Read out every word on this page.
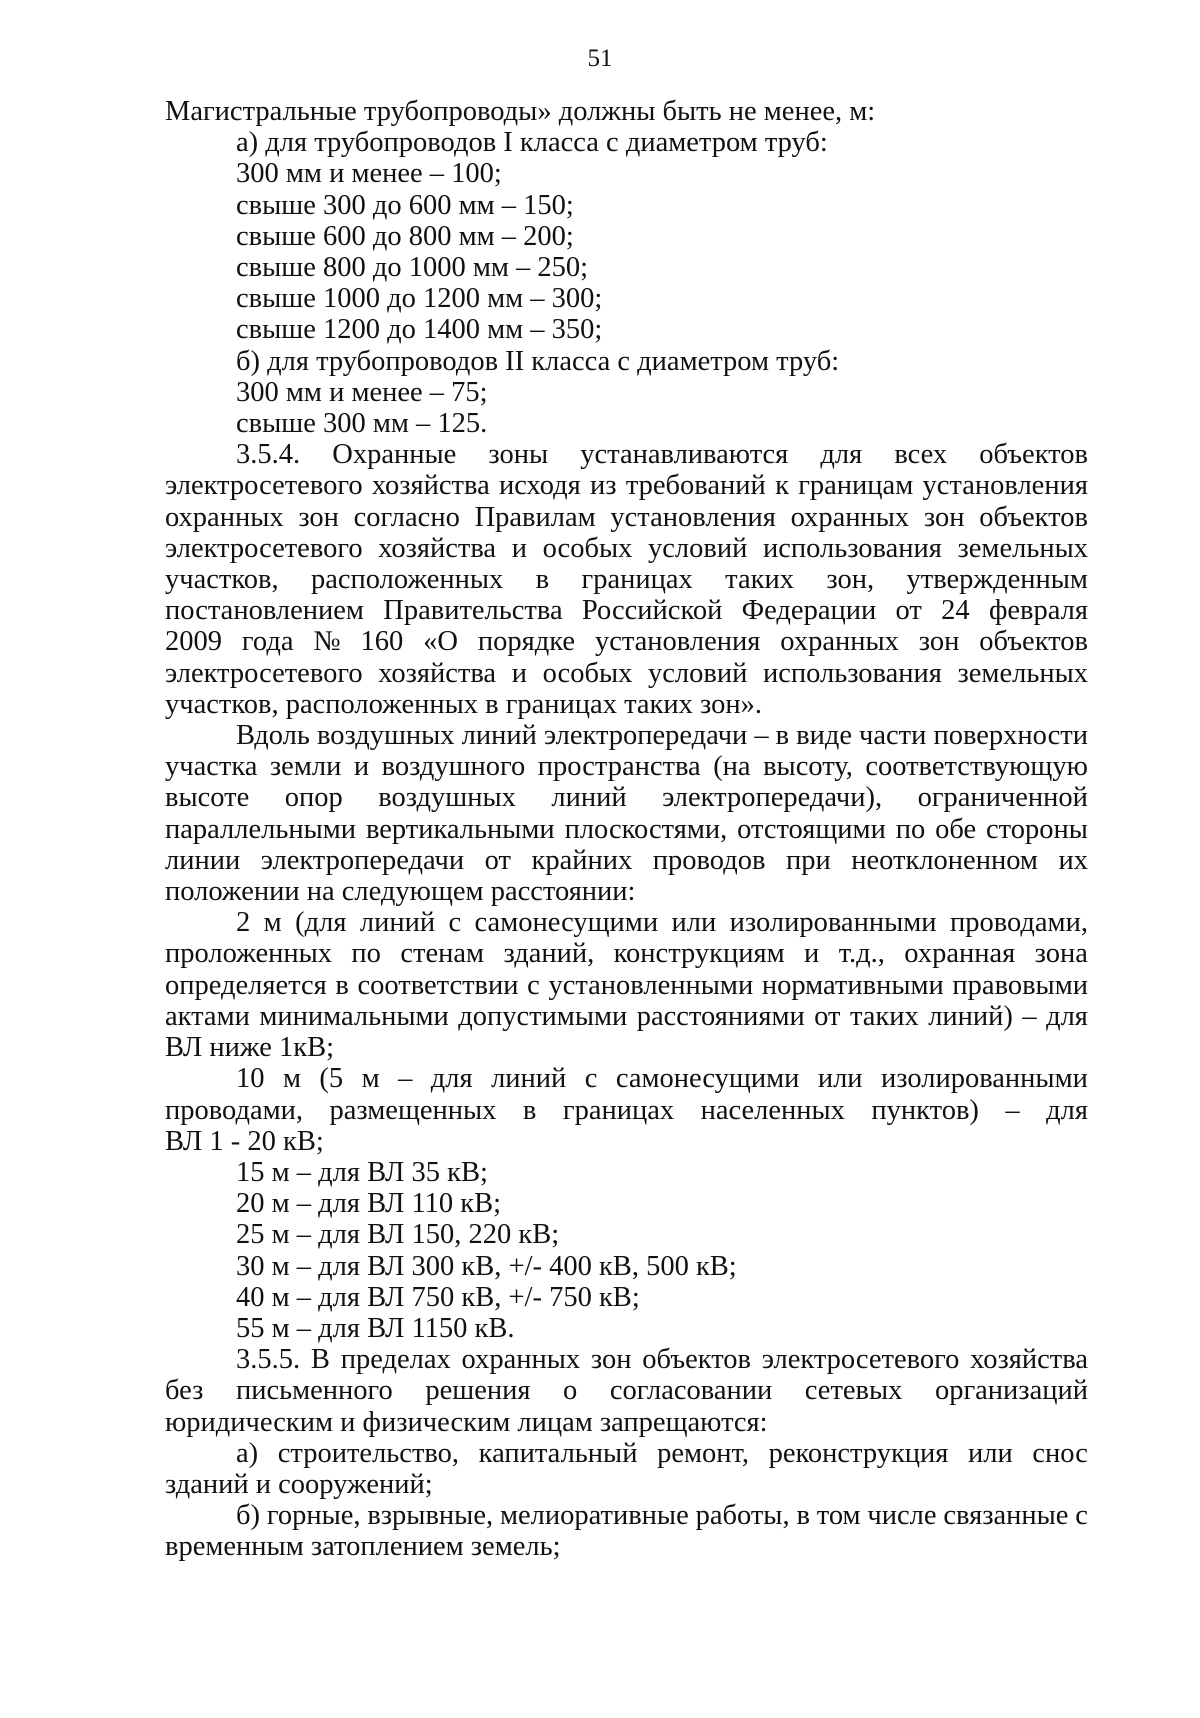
51
Магистральные трубопроводы» должны быть не менее, м:
а) для трубопроводов I класса с диаметром труб:
300 мм и менее – 100;
свыше 300 до 600 мм – 150;
свыше 600 до 800 мм – 200;
свыше 800 до 1000 мм – 250;
свыше 1000 до 1200 мм – 300;
свыше 1200 до 1400 мм – 350;
б) для трубопроводов II класса с диаметром труб:
300 мм и менее – 75;
свыше 300 мм – 125.
3.5.4. Охранные зоны устанавливаются для всех объектов
электросетевого хозяйства исходя из требований к границам установления
охранных зон согласно Правилам установления охранных зон объектов
электросетевого хозяйства и особых условий использования земельных
участков, расположенных в границах таких зон, утвержденным
постановлением Правительства Российской Федерации от 24 февраля
2009 года № 160 «О порядке установления охранных зон объектов
электросетевого хозяйства и особых условий использования земельных
участков, расположенных в границах таких зон».
Вдоль воздушных линий электропередачи – в виде части поверхности
участка земли и воздушного пространства (на высоту, соответствующую
высоте опор воздушных линий электропередачи), ограниченной
параллельными вертикальными плоскостями, отстоящими по обе стороны
линии электропередачи от крайних проводов при неотклоненном их
положении на следующем расстоянии:
2 м (для линий с самонесущими или изолированными проводами,
проложенных по стенам зданий, конструкциям и т.д., охранная зона
определяется в соответствии с установленными нормативными правовыми
актами минимальными допустимыми расстояниями от таких линий) – для
ВЛ ниже 1кВ;
10 м (5 м – для линий с самонесущими или изолированными
проводами, размещенных в границах населенных пунктов) – для
ВЛ 1 - 20 кВ;
15 м – для ВЛ 35 кВ;
20 м – для ВЛ 110 кВ;
25 м – для ВЛ 150, 220 кВ;
30 м – для ВЛ 300 кВ, +/- 400 кВ, 500 кВ;
40 м – для ВЛ 750 кВ, +/- 750 кВ;
55 м – для ВЛ 1150 кВ.
3.5.5. В пределах охранных зон объектов электросетевого хозяйства
без письменного решения о согласовании сетевых организаций
юридическим и физическим лицам запрещаются:
а) строительство, капитальный ремонт, реконструкция или снос
зданий и сооружений;
б) горные, взрывные, мелиоративные работы, в том числе связанные с
временным затоплением земель;
